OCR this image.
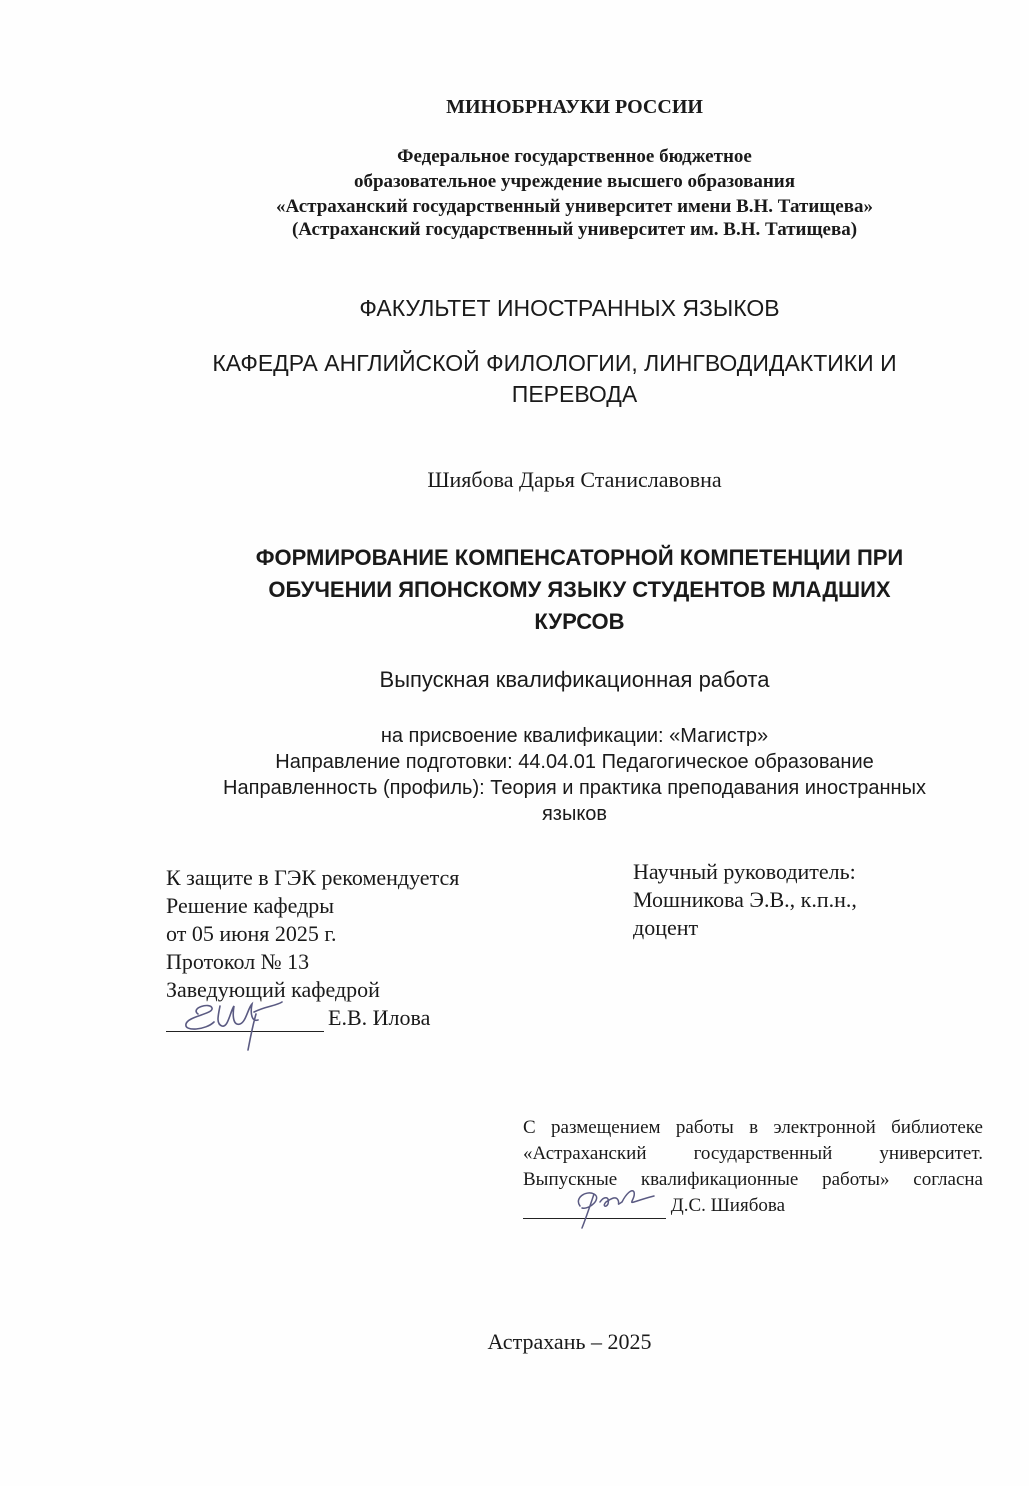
МИНОБРНАУКИ РОССИИ
Федеральное государственное бюджетное
образовательное учреждение высшего образования
«Астраханский государственный университет имени В.Н. Татищева»
(Астраханский государственный университет им. В.Н. Татищева)
ФАКУЛЬТЕТ ИНОСТРАННЫХ ЯЗЫКОВ
КАФЕДРА АНГЛИЙСКОЙ ФИЛОЛОГИИ, ЛИНГВОДИДАКТИКИ И
ПЕРЕВОДА
Шиябова Дарья Станиславовна
ФОРМИРОВАНИЕ КОМПЕНСАТОРНОЙ КОМПЕТЕНЦИИ ПРИ
ОБУЧЕНИИ ЯПОНСКОМУ ЯЗЫКУ СТУДЕНТОВ МЛАДШИХ
КУРСОВ
Выпускная квалификационная работа
на присвоение квалификации: «Магистр»
Направление подготовки: 44.04.01 Педагогическое образование
Направленность (профиль): Теория и практика преподавания иностранных
языков
К защите в ГЭК рекомендуется
Решение кафедры
от 05 июня 2025 г.
Протокол № 13
Заведующий кафедрой
Е.В. Илова
Научный руководитель:
Мошникова Э.В., к.п.н.,
доцент
С размещением работы в электронной библиотеке
«Астраханский государственный университет.
Выпускные квалификационные работы» согласна
Д.С. Шиябова
Астрахань – 2025
